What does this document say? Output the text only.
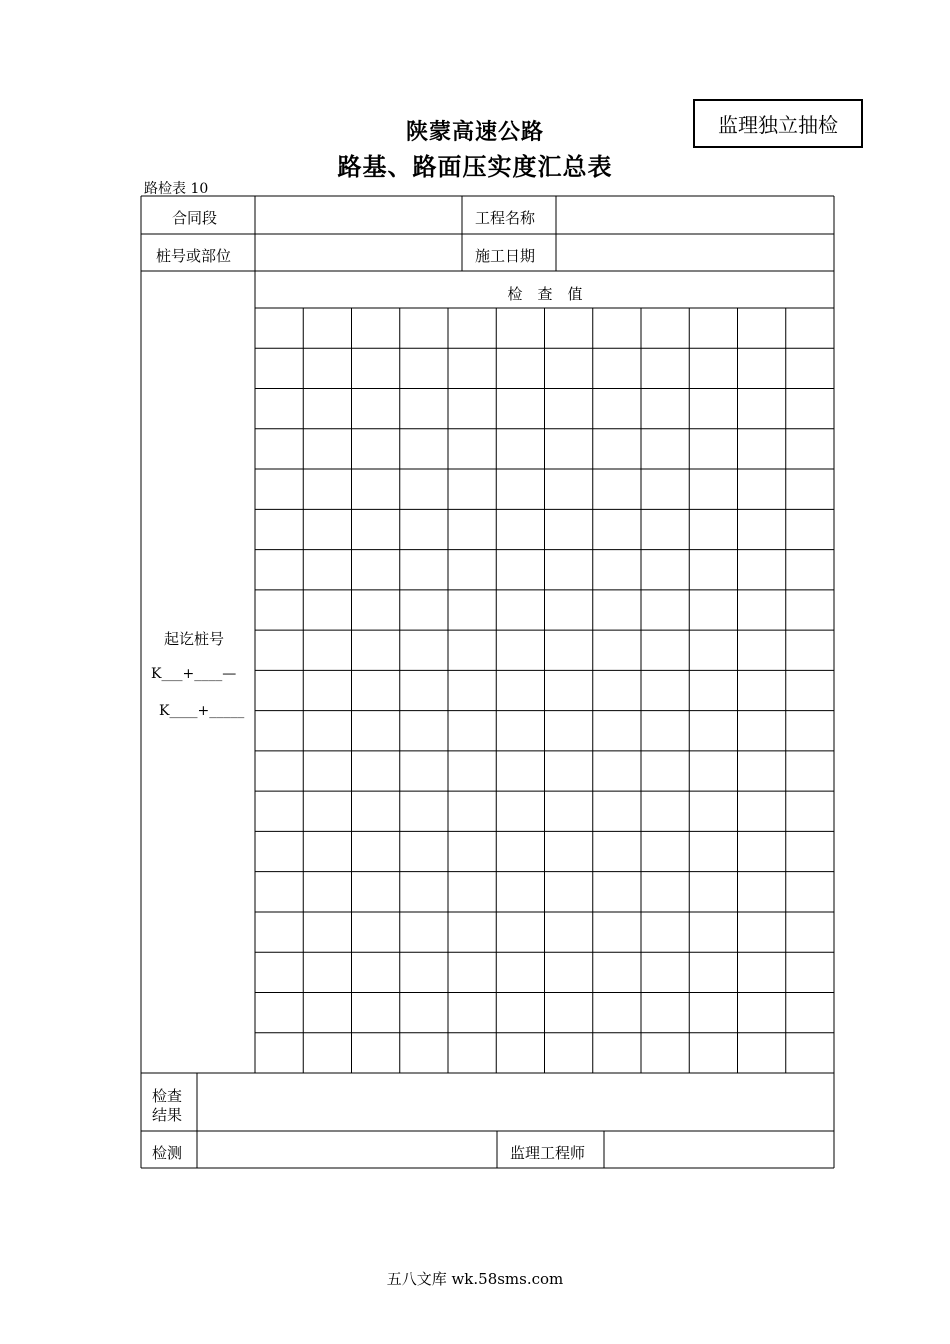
监理独立抽检
陕蒙高速公路
路基、路面压实度汇总表
路检表 10
合同段	工程名称
桩号或部位	施工日期
检　查　值
起讫桩号
K___+____—
K____+_____
检查
结果
检测	监理工程师
五八文库 wk.58sms.com
